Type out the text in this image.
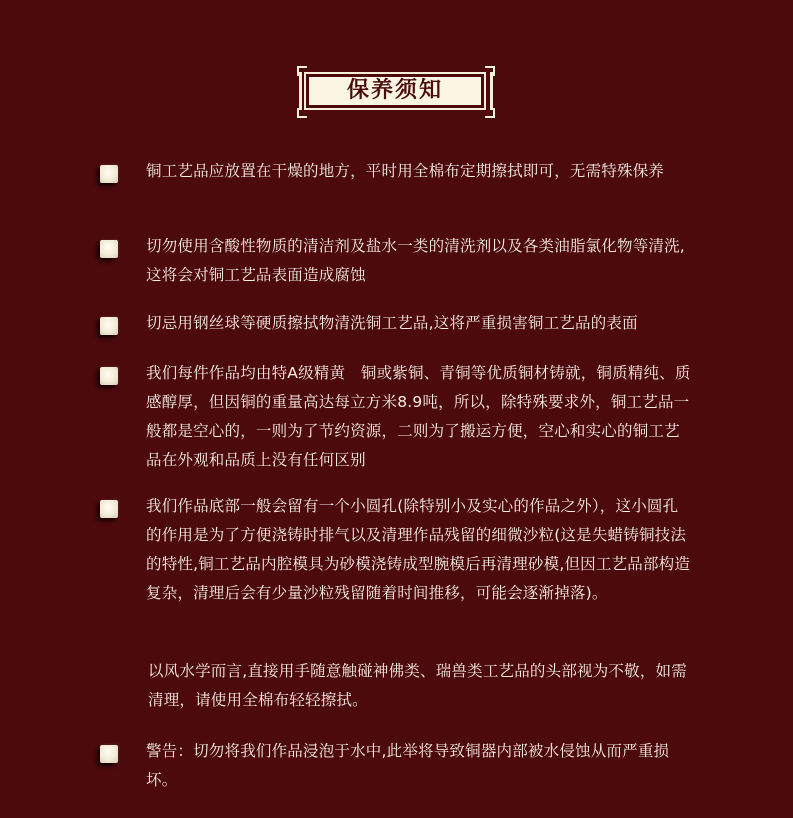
保养须知

铜工艺品应放置在干燥的地方，平时用全棉布定期擦拭即可，无需特殊保养

切勿使用含酸性物质的清洁剂及盐水一类的清洗剂以及各类油脂氯化物等清洗,这将会对铜工艺品表面造成腐蚀

切忌用钢丝球等硬质擦拭物清洗铜工艺品,这将严重损害铜工艺品的表面

我们每件作品均由特A级精黄　铜或紫铜、青铜等优质铜材铸就，铜质精纯、质感醇厚，但因铜的重量高达每立方米8.9吨，所以，除特殊要求外，铜工艺品一般都是空心的，一则为了节约资源，二则为了搬运方便，空心和实心的铜工艺品在外观和品质上没有任何区别

我们作品底部一般会留有一个小圆孔(除特别小及实心的作品之外），这小圆孔的作用是为了方便浇铸时排气以及清理作品残留的细微沙粒(这是失蜡铸铜技法的特性,铜工艺品内腔模具为砂模浇铸成型腕模后再清理砂模,但因工艺品部构造复杂，清理后会有少量沙粒残留随着时间推移，可能会逐渐掉落)。

以风水学而言,直接用手随意触碰神佛类、瑞兽类工艺品的头部视为不敬，如需清理，请使用全棉布轻轻擦拭。

警告：切勿将我们作品浸泡于水中,此举将导致铜器内部被水侵蚀从而严重损坏。
